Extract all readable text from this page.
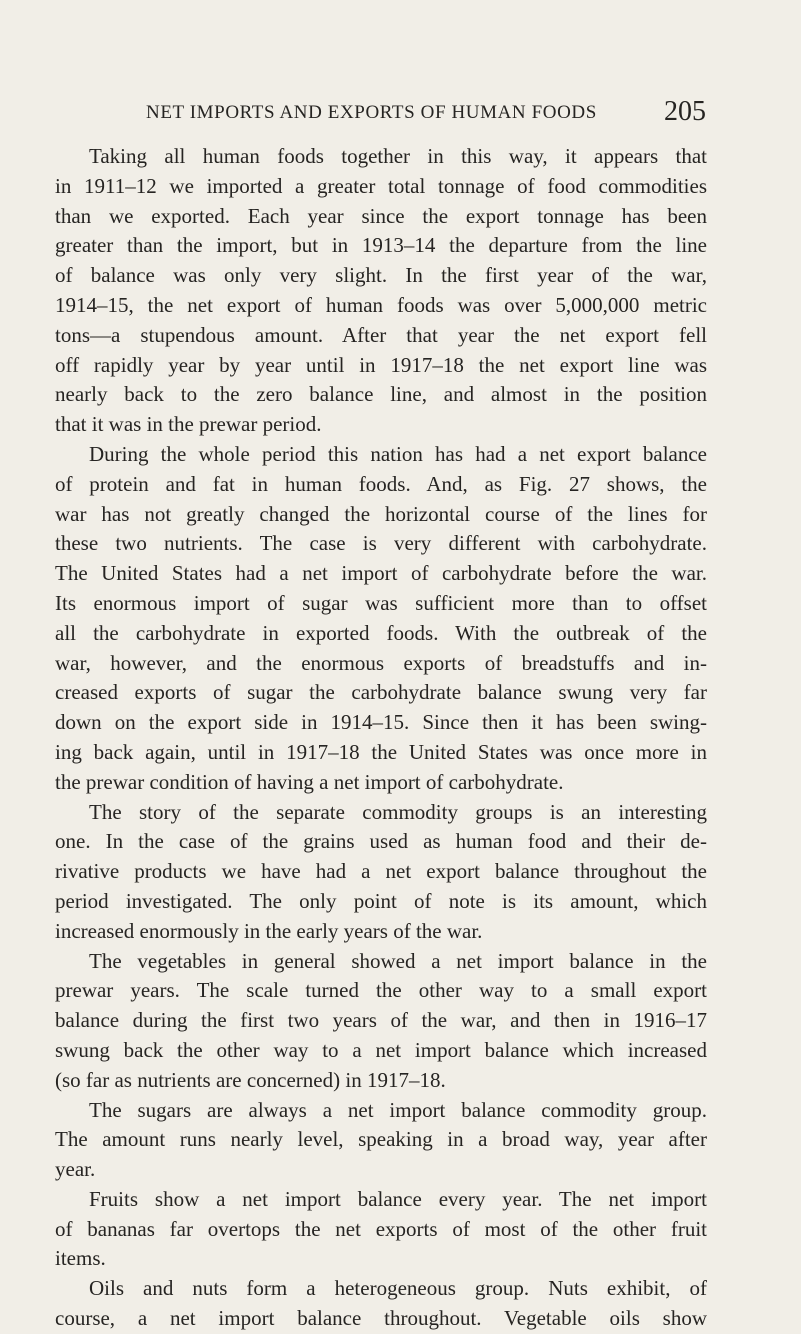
NET IMPORTS AND EXPORTS OF HUMAN FOODS 205
Taking all human foods together in this way, it appears that
in 1911–12 we imported a greater total tonnage of food commodities
than we exported. Each year since the export tonnage has been
greater than the import, but in 1913–14 the departure from the line
of balance was only very slight. In the first year of the war,
1914–15, the net export of human foods was over 5,000,000 metric
tons—a stupendous amount. After that year the net export fell
off rapidly year by year until in 1917–18 the net export line was
nearly back to the zero balance line, and almost in the position
that it was in the prewar period.
During the whole period this nation has had a net export balance
of protein and fat in human foods. And, as Fig. 27 shows, the
war has not greatly changed the horizontal course of the lines for
these two nutrients. The case is very different with carbohydrate.
The United States had a net import of carbohydrate before the war.
Its enormous import of sugar was sufficient more than to offset
all the carbohydrate in exported foods. With the outbreak of the
war, however, and the enormous exports of breadstuffs and in-
creased exports of sugar the carbohydrate balance swung very far
down on the export side in 1914–15. Since then it has been swing-
ing back again, until in 1917–18 the United States was once more in
the prewar condition of having a net import of carbohydrate.
The story of the separate commodity groups is an interesting
one. In the case of the grains used as human food and their de-
rivative products we have had a net export balance throughout the
period investigated. The only point of note is its amount, which
increased enormously in the early years of the war.
The vegetables in general showed a net import balance in the
prewar years. The scale turned the other way to a small export
balance during the first two years of the war, and then in 1916–17
swung back the other way to a net import balance which increased
(so far as nutrients are concerned) in 1917–18.
The sugars are always a net import balance commodity group.
The amount runs nearly level, speaking in a broad way, year after
year.
Fruits show a net import balance every year. The net import
of bananas far overtops the net exports of most of the other fruit
items.
Oils and nuts form a heterogeneous group. Nuts exhibit, of
course, a net import balance throughout. Vegetable oils show
